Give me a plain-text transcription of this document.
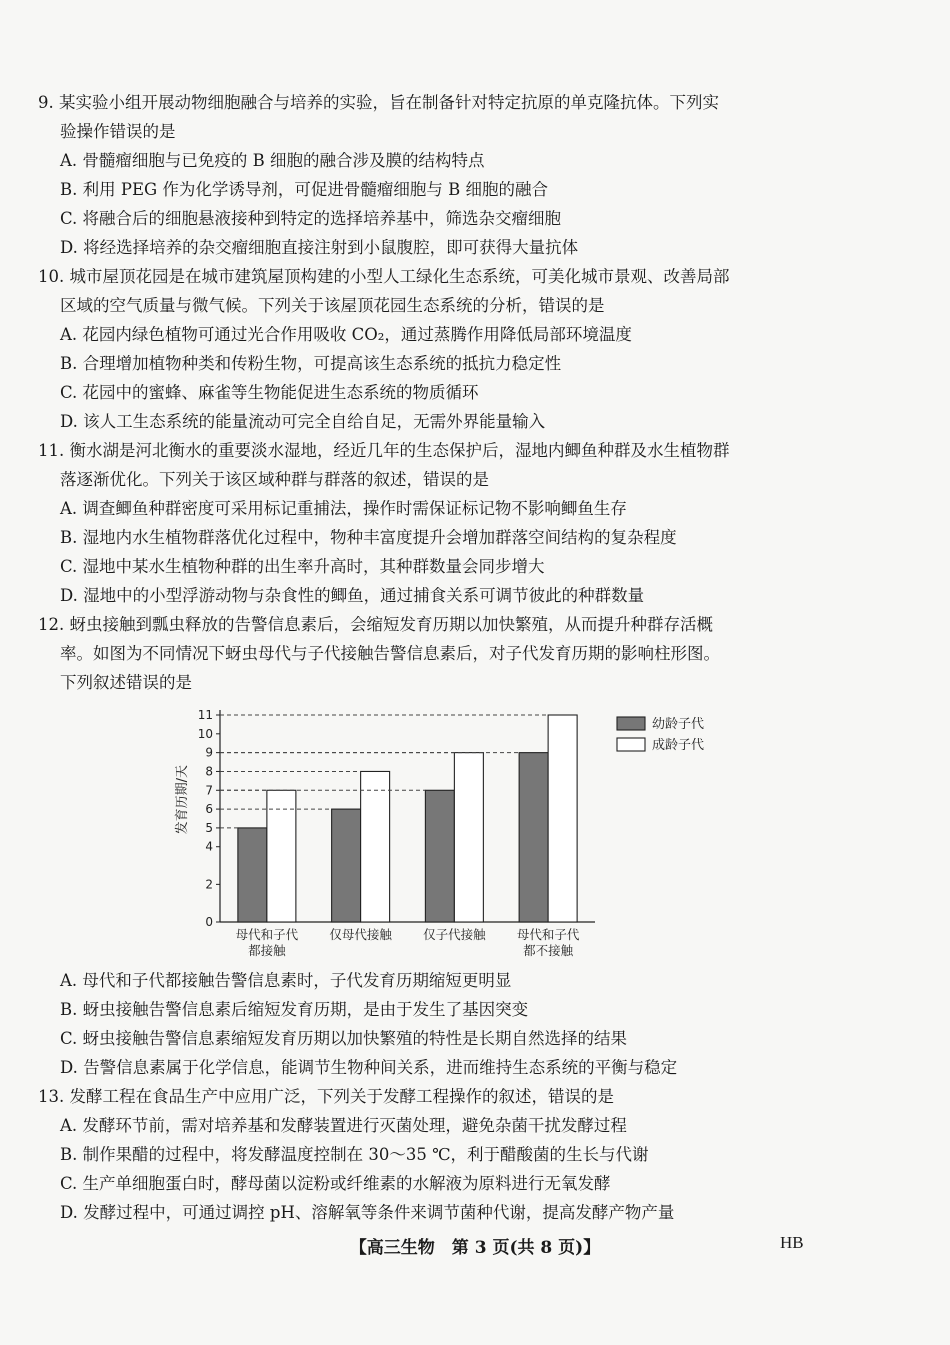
9. 某实验小组开展动物细胞融合与培养的实验，旨在制备针对特定抗原的单克隆抗体。下列实
验操作错误的是
A. 骨髓瘤细胞与已免疫的 B 细胞的融合涉及膜的结构特点
B. 利用 PEG 作为化学诱导剂，可促进骨髓瘤细胞与 B 细胞的融合
C. 将融合后的细胞悬液接种到特定的选择培养基中，筛选杂交瘤细胞
D. 将经选择培养的杂交瘤细胞直接注射到小鼠腹腔，即可获得大量抗体
10. 城市屋顶花园是在城市建筑屋顶构建的小型人工绿化生态系统，可美化城市景观、改善局部
区域的空气质量与微气候。下列关于该屋顶花园生态系统的分析，错误的是
A. 花园内绿色植物可通过光合作用吸收 CO₂，通过蒸腾作用降低局部环境温度
B. 合理增加植物种类和传粉生物，可提高该生态系统的抵抗力稳定性
C. 花园中的蜜蜂、麻雀等生物能促进生态系统的物质循环
D. 该人工生态系统的能量流动可完全自给自足，无需外界能量输入
11. 衡水湖是河北衡水的重要淡水湿地，经近几年的生态保护后，湿地内鲫鱼种群及水生植物群
落逐渐优化。下列关于该区域种群与群落的叙述，错误的是
A. 调查鲫鱼种群密度可采用标记重捕法，操作时需保证标记物不影响鲫鱼生存
B. 湿地内水生植物群落优化过程中，物种丰富度提升会增加群落空间结构的复杂程度
C. 湿地中某水生植物种群的出生率升高时，其种群数量会同步增大
D. 湿地中的小型浮游动物与杂食性的鲫鱼，通过捕食关系可调节彼此的种群数量
12. 蚜虫接触到瓢虫释放的告警信息素后，会缩短发育历期以加快繁殖，从而提升种群存活概
率。如图为不同情况下蚜虫母代与子代接触告警信息素后，对子代发育历期的影响柱形图。
下列叙述错误的是
0
2
4
5
6
7
8
9
10
11
发育历期/天
母代和子代
都接触
仅母代接触 仅子代接触 母代和子代
都不接触
幼龄子代
成龄子代
A. 母代和子代都接触告警信息素时，子代发育历期缩短更明显
B. 蚜虫接触告警信息素后缩短发育历期，是由于发生了基因突变
C. 蚜虫接触告警信息素缩短发育历期以加快繁殖的特性是长期自然选择的结果
D. 告警信息素属于化学信息，能调节生物种间关系，进而维持生态系统的平衡与稳定
13. 发酵工程在食品生产中应用广泛，下列关于发酵工程操作的叙述，错误的是
A. 发酵环节前，需对培养基和发酵装置进行灭菌处理，避免杂菌干扰发酵过程
B. 制作果醋的过程中，将发酵温度控制在 30～35 ℃，利于醋酸菌的生长与代谢
C. 生产单细胞蛋白时，酵母菌以淀粉或纤维素的水解液为原料进行无氧发酵
D. 发酵过程中，可通过调控 pH、溶解氧等条件来调节菌种代谢，提高发酵产物产量
【高三生物　第 3 页(共 8 页)】	HB
